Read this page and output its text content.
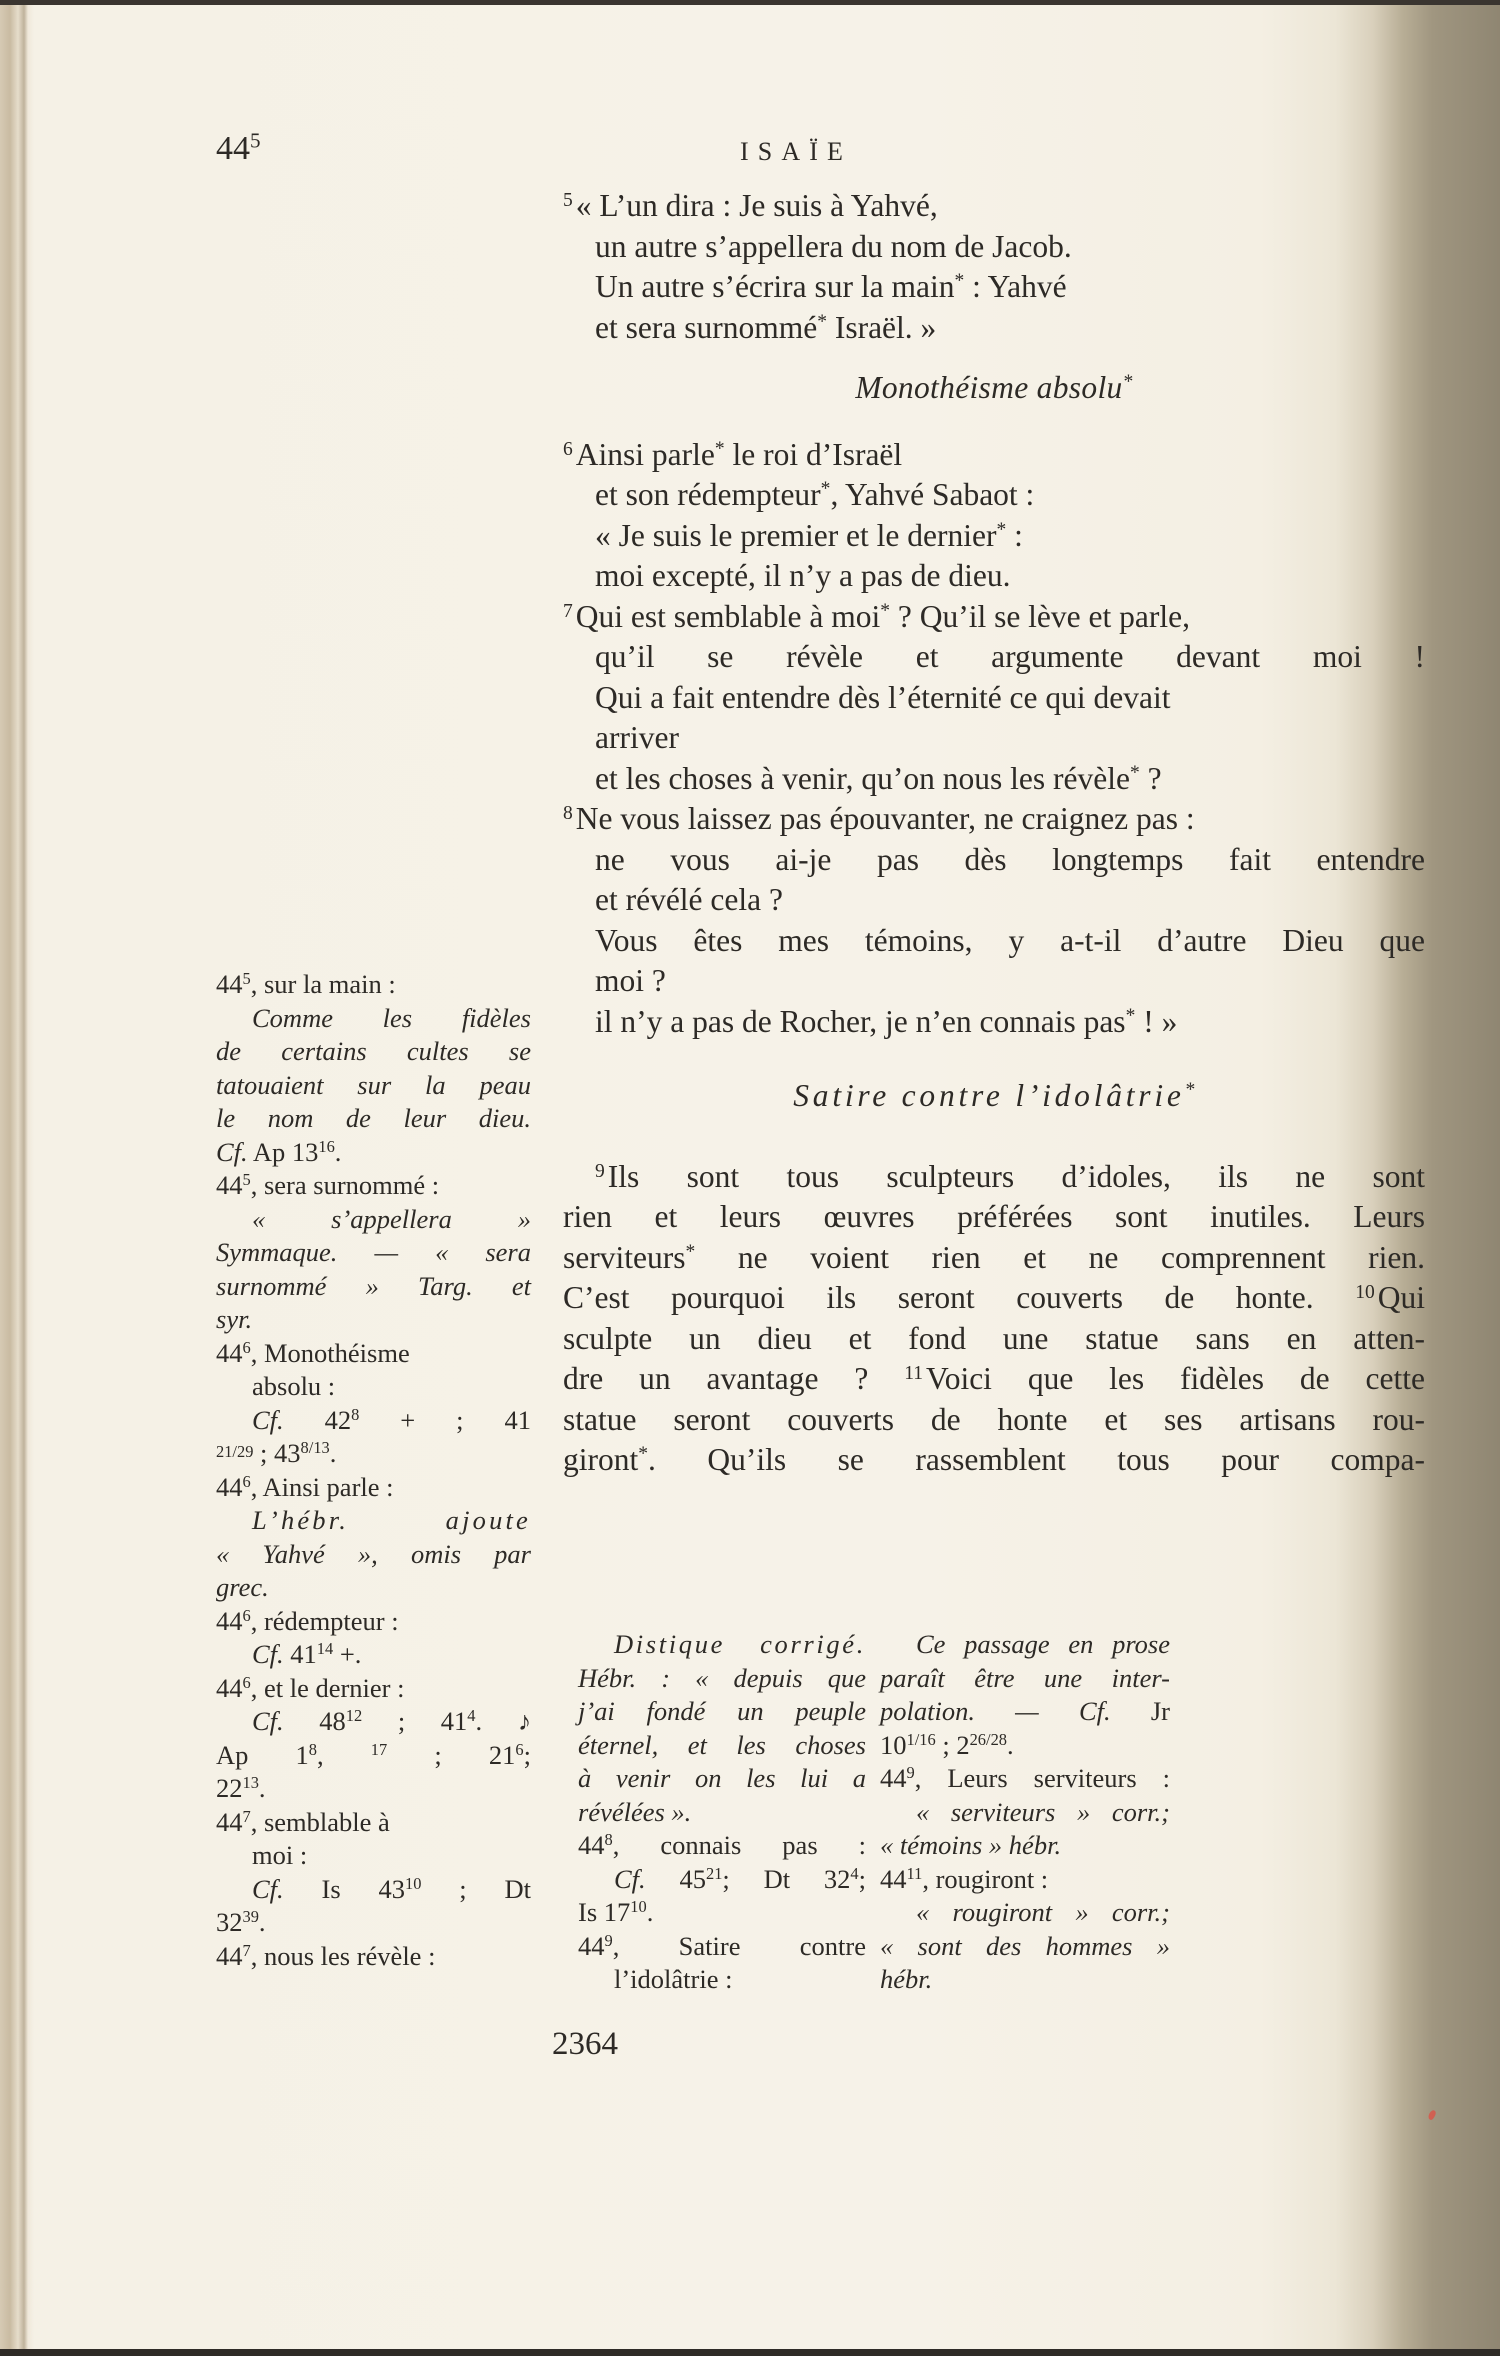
$44^5$	ISAÏE
$^5$« L’un dira : Je suis à Yahvé,
un autre s’appellera du nom de Jacob.
Un autre s’écrira sur la main* : Yahvé
et sera surnommé* Israël. »
Monothéisme absolu*
$^6$Ainsi parle* le roi d’Israël
et son rédempteur*, Yahvé Sabaot :
« Je suis le premier et le dernier* :
moi excepté, il n’y a pas de dieu.
$^7$Qui est semblable à moi* ? Qu’il se lève et parle,
qu’il se révèle et argumente devant moi !
Qui a fait entendre dès l’éternité ce qui devait
arriver
et les choses à venir, qu’on nous les révèle* ?
$^8$Ne vous laissez pas épouvanter, ne craignez pas :
ne vous ai-je pas dès longtemps fait entendre
et révélé cela ?
Vous êtes mes témoins, y a-t-il d’autre Dieu que
moi ?
il n’y a pas de Rocher, je n’en connais pas* ! »
Satire contre l’idolâtrie*
$^9$Ils sont tous sculpteurs d’idoles, ils ne sont
rien et leurs œuvres préférées sont inutiles. Leurs
serviteurs* ne voient rien et ne comprennent rien.
C’est pourquoi ils seront couverts de honte. $^{10}$Qui
sculpte un dieu et fond une statue sans en atten-
dre un avantage ? $^{11}$Voici que les fidèles de cette
statue seront couverts de honte et ses artisans rou-
giront*. Qu’ils se rassemblent tous pour compa-
$44^5$, sur la main :
Comme les fidèles
de certains cultes se
tatouaient sur la peau
le nom de leur dieu.
Cf. Ap $13^{16}$.
$44^5$, sera surnommé :
« s’appellera »
Symmaque. — « sera
surnommé » Targ. et
syr.
$44^6$, Monothéisme
absolu :
Cf. $42^8$ + ; 41
$^{21/29}$ ; $43^{8/13}$.
$44^6$, Ainsi parle :
L’hébr. ajoute
« Yahvé », omis par
grec.
$44^6$, rédempteur :
Cf. $41^{14}$ +.
$44^6$, et le dernier :
Cf. $48^{12}$ ; $41^4$. ♪
Ap $1^8$, $^{17}$ ; $21^6$;
$22^{13}$.
$44^7$, semblable à
moi :
Cf. Is $43^{10}$ ; Dt
$32^{39}$.
$44^7$, nous les révèle :
Distique corrigé.
Hébr. : « depuis que
j’ai fondé un peuple
éternel, et les choses
à venir on les lui a
révélées ».
$44^8$, connais pas :
Cf. $45^{21}$; Dt $32^4$;
Is $17^{10}$.
$44^9$, Satire contre
l’idolâtrie :
Ce passage en prose
paraît être une inter-
polation. — Cf. Jr
$10^{1/16}$ ; $2^{26/28}$.
$44^9$, Leurs serviteurs :
« serviteurs » corr.;
« témoins » hébr.
$44^{11}$, rougiront :
« rougiront » corr.;
« sont des hommes »
hébr.
2364
